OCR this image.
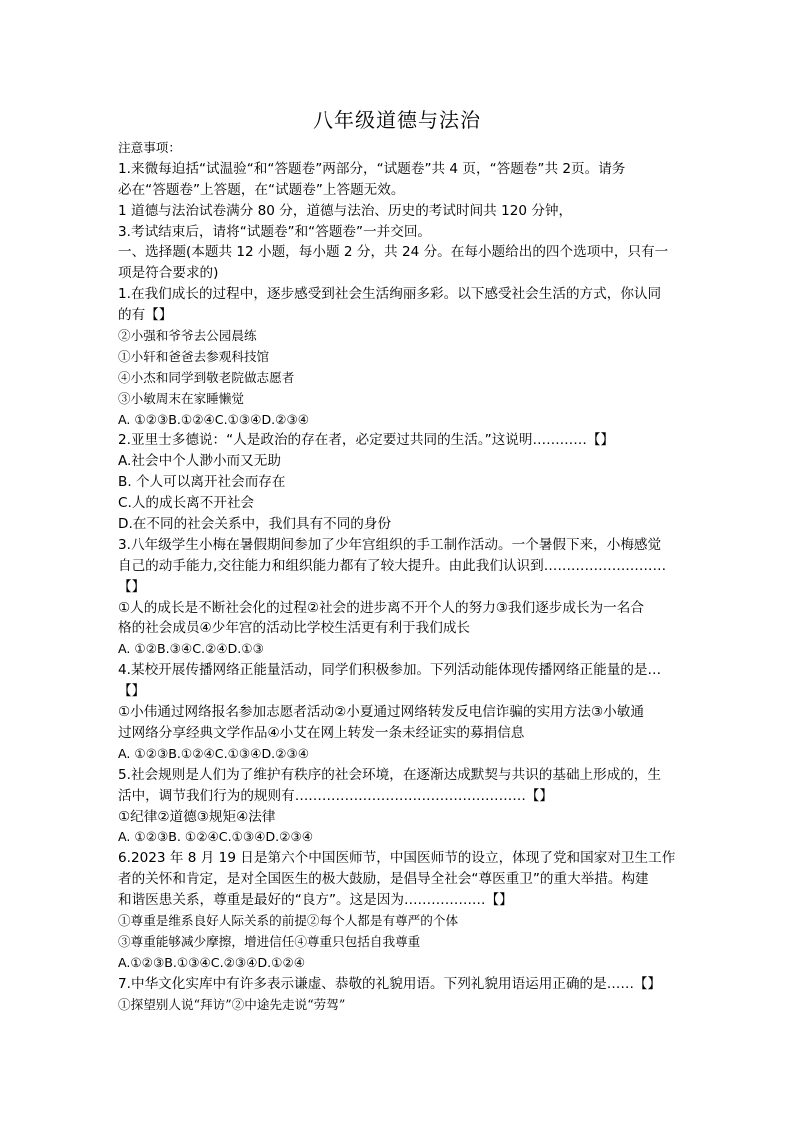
八年级道德与法治
注意事项：
1.来微每迫括“试温验“和“答题卷”两部分，“试题卷”共 4 页，“答题卷”共 2页。请务
必在“答题卷”上答题，在“试题卷”上答题无效。
1 道德与法治试卷满分 80 分，道德与法治、历史的考试时间共 120 分钟，
3.考试结束后，请将“试题卷”和“答题卷”一并交回。
一、选择题(本题共 12 小题，每小题 2 分，共 24 分。在每小题给出的四个选项中，只有一
项是符合要求的)
1.在我们成长的过程中，逐步感受到社会生活绚丽多彩。以下感受社会生活的方式，你认同
的有【】
②小强和爷爷去公园晨练
①小轩和爸爸去参观科技馆
④小杰和同学到敬老院做志愿者
③小敏周末在家睡懒觉
A. ①②③B.①②④C.①③④D.②③④
2.亚里士多德说：“人是政治的存在者，必定要过共同的生活。”这说明…………【】
A.社会中个人渺小而又无助
B. 个人可以离开社会而存在
C.人的成长离不开社会
D.在不同的社会关系中，我们具有不同的身份
3.八年级学生小梅在暑假期间参加了少年宫组织的手工制作活动。一个暑假下来，小梅感觉
自己的动手能力,交往能力和组织能力都有了较大提升。由此我们认识到………………………
【】
①人的成长是不断社会化的过程②社会的进步离不开个人的努力③我们逐步成长为一名合
格的社会成员④少年宫的活动比学校生活更有利于我们成长
A. ①②B.③④C.②④D.①③
4.某校开展传播网络正能量活动，同学们积极参加。下列活动能体现传播网络正能量的是…
【】
①小伟通过网络报名参加志愿者活动②小夏通过网络转发反电信诈骗的实用方法③小敏通
过网络分享经典文学作品④小艾在网上转发一条未经证实的募捐信息
A. ①②③B.①②④C.①③④D.②③④
5.社会规则是人们为了维护有秩序的社会环境，在逐渐达成默契与共识的基础上形成的，生
活中，调节我们行为的规则有……………………………………………【】
①纪律②道德③规矩④法律
A. ①②③B. ①②④C.①③④D.②③④
6.2023 年 8 月 19 日是第六个中国医师节，中国医师节的设立，体现了党和国家对卫生工作
者的关怀和肯定，是对全国医生的极大鼓励，是倡导全社会“尊医重卫”的重大举措。构建
和谐医患关系，尊重是最好的“良方”。这是因为………………【】
①尊重是维系良好人际关系的前提②每个人都是有尊严的个体
③尊重能够减少摩擦，增进信任④尊重只包括自我尊重
A.①②③B.①③④C.②③④D.①②④
7.中华文化实库中有许多表示谦虚、恭敬的礼貌用语。下列礼貌用语运用正确的是……【】
①探望别人说“拜访”②中途先走说“劳驾”
